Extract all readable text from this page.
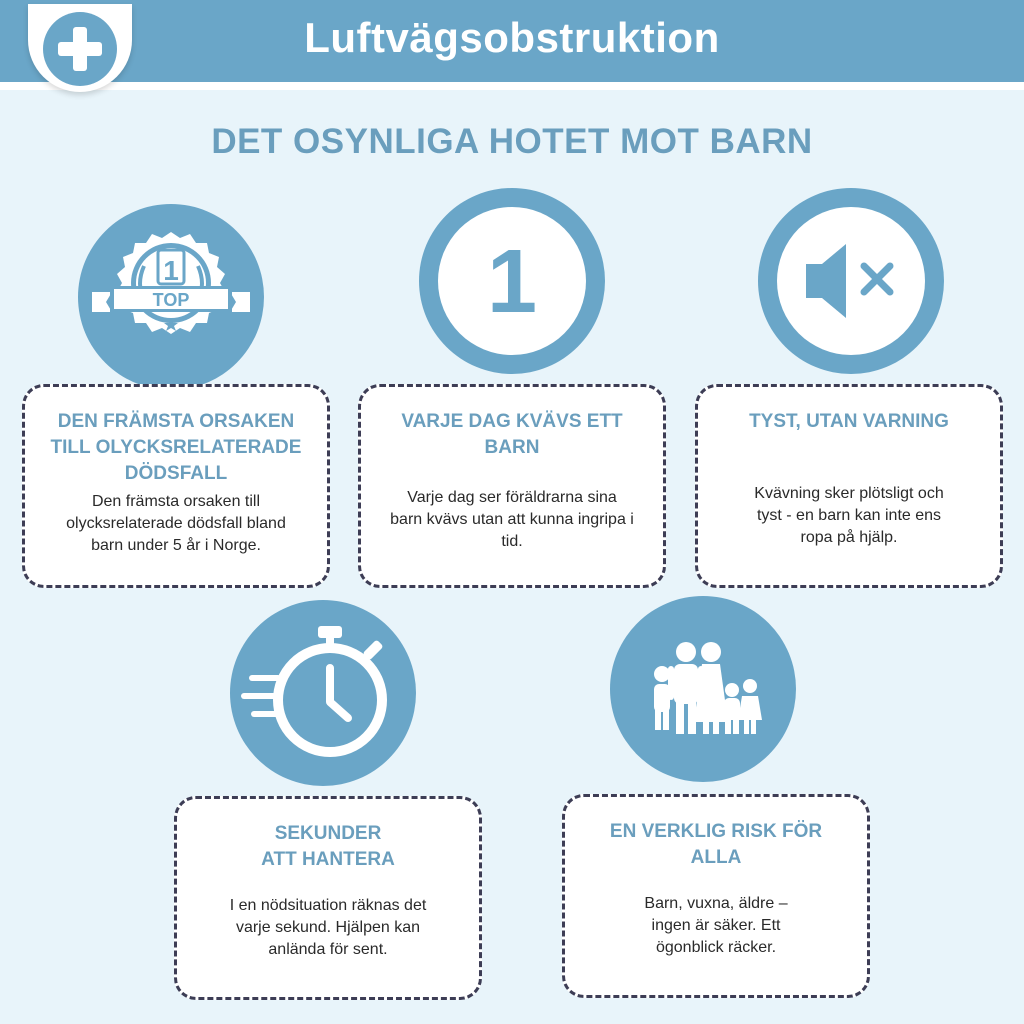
Luftvägsobstruktion
DET OSYNLIGA HOTET MOT BARN
1
TOP	1
DEN FRÄMSTA ORSAKEN TILL OLYCKSRELATERADE DÖDSFALL
Den främsta orsaken till olycksrelaterade dödsfall bland barn under 5 år i Norge.
VARJE DAG KVÄVS ETT BARN
Varje dag ser föräldrarna sina barn kvävs utan att kunna ingripa i tid.
TYST, UTAN VARNING
Kvävning sker plötsligt och tyst - en barn kan inte ens ropa på hjälp.
SEKUNDER ATT HANTERA
I en nödsituation räknas det varje sekund. Hjälpen kan anlända för sent.
EN VERKLIG RISK FÖR ALLA
Barn, vuxna, äldre – ingen är säker. Ett ögonblick räcker.
